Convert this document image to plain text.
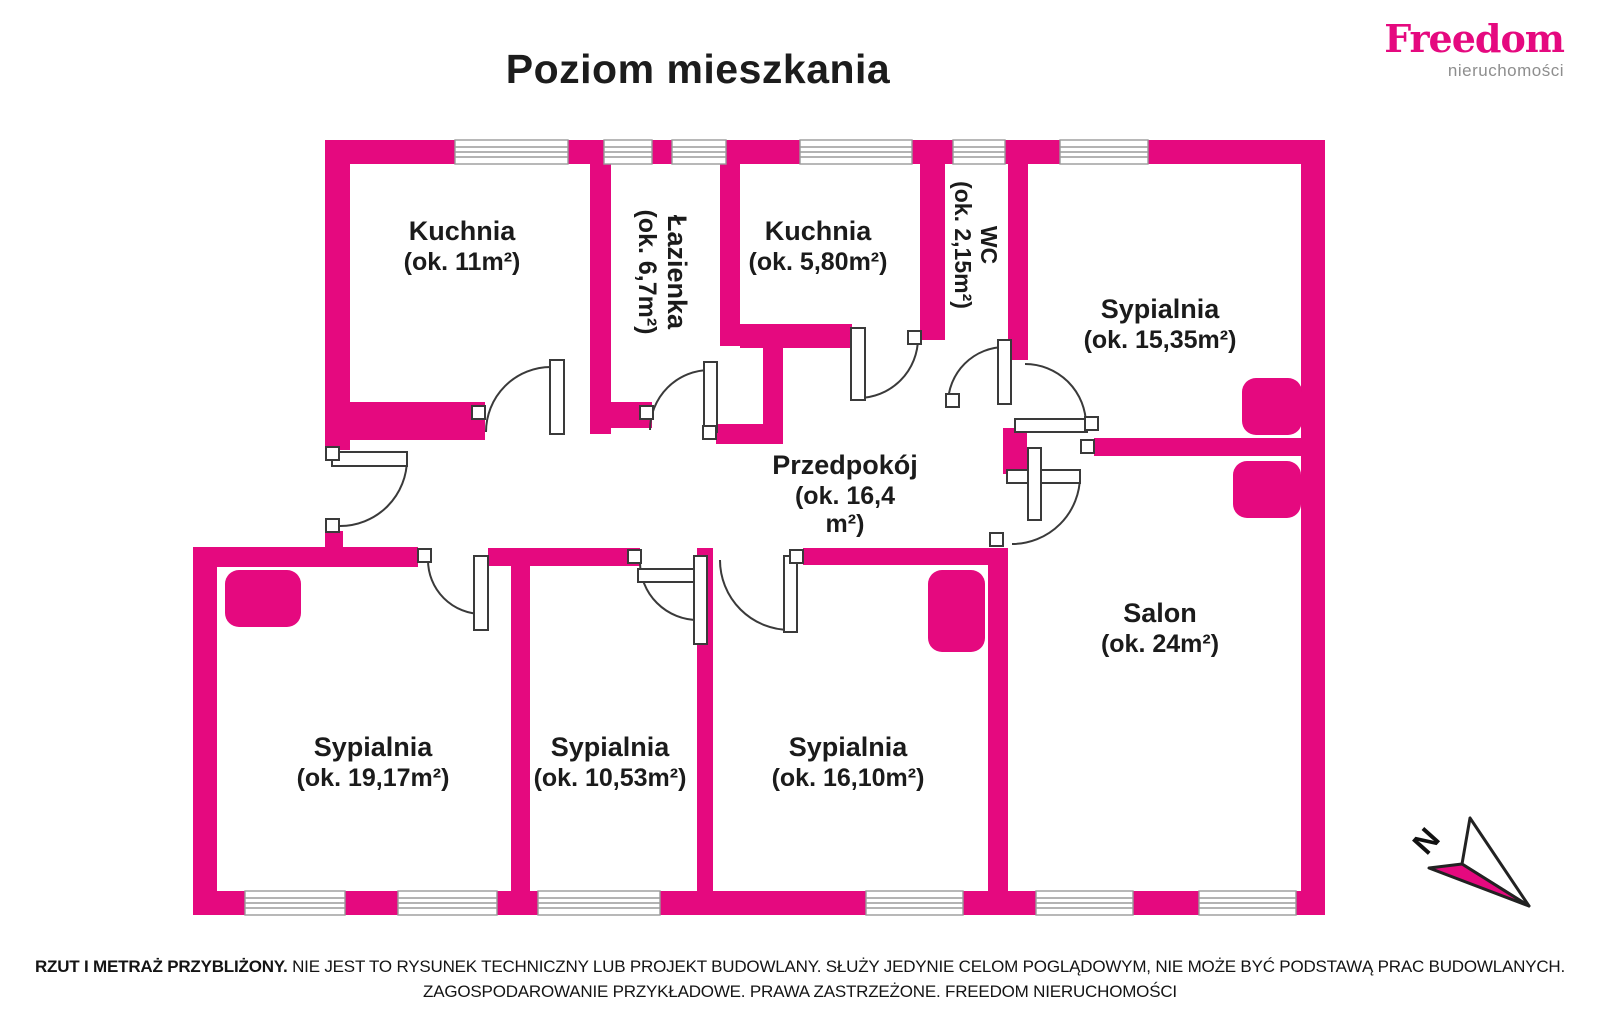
Poziom mieszkania
Freedom
nieruchomości
Kuchnia
(ok. 11m²)	Łazienka
(ok. 6,7m²)	Kuchnia
(ok. 5,80m²)	WC
(ok. 2,15m²)
Sypialnia
(ok. 15,35m²)
Przedpokój
(ok. 16,4
m²)
Salon
(ok. 24m²)
Sypialnia
(ok. 19,17m²)
Sypialnia
(ok. 10,53m²)
Sypialnia
(ok. 16,10m²)
N
RZUT I METRAŻ PRZYBLIŻONY. NIE JEST TO RYSUNEK TECHNICZNY LUB PROJEKT BUDOWLANY. SŁUŻY JEDYNIE CELOM POGLĄDOWYM, NIE MOŻE BYĆ PODSTAWĄ PRAC BUDOWLANYCH.
ZAGOSPODAROWANIE PRZYKŁADOWE. PRAWA ZASTRZEŻONE. FREEDOM NIERUCHOMOŚCI
